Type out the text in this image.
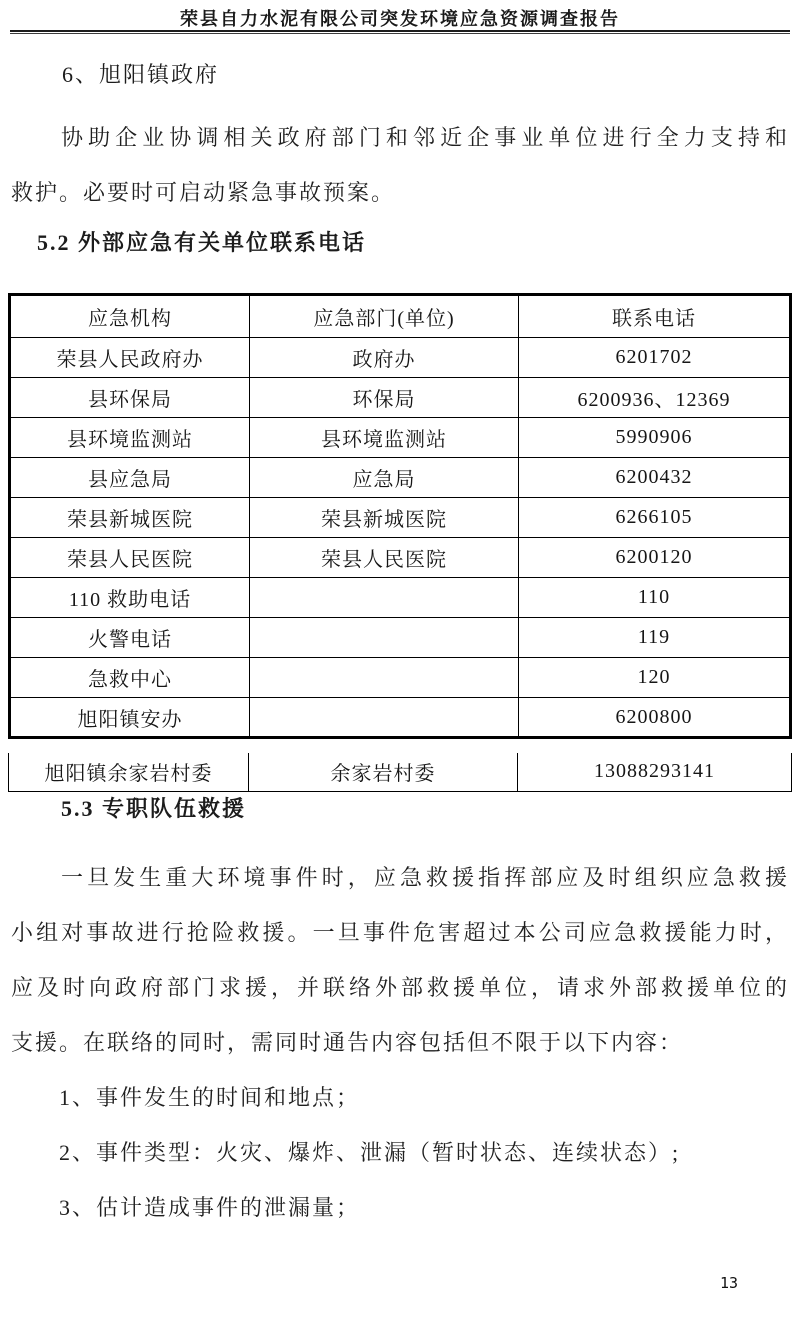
荣县自力水泥有限公司突发环境应急资源调查报告
6、旭阳镇政府
协助企业协调相关政府部门和邻近企事业单位进行全力支持和
救护。必要时可启动紧急事故预案。
5.2 外部应急有关单位联系电话
应急机构	应急部门(单位)	联系电话
荣县人民政府办	政府办	6201702
县环保局	环保局	6200936、12369
县环境监测站	县环境监测站	5990906
县应急局	应急局	6200432
荣县新城医院	荣县新城医院	6266105
荣县人民医院	荣县人民医院	6200120
110 救助电话		110
火警电话		119
急救中心		120
旭阳镇安办		6200800
旭阳镇余家岩村委	余家岩村委	13088293141
5.3 专职队伍救援
一旦发生重大环境事件时，应急救援指挥部应及时组织应急救援
小组对事故进行抢险救援。一旦事件危害超过本公司应急救援能力时，
应及时向政府部门求援，并联络外部救援单位，请求外部救援单位的
支援。在联络的同时，需同时通告内容包括但不限于以下内容：
1、事件发生的时间和地点；
2、事件类型：火灾、爆炸、泄漏（暂时状态、连续状态）;
3、估计造成事件的泄漏量；
13
